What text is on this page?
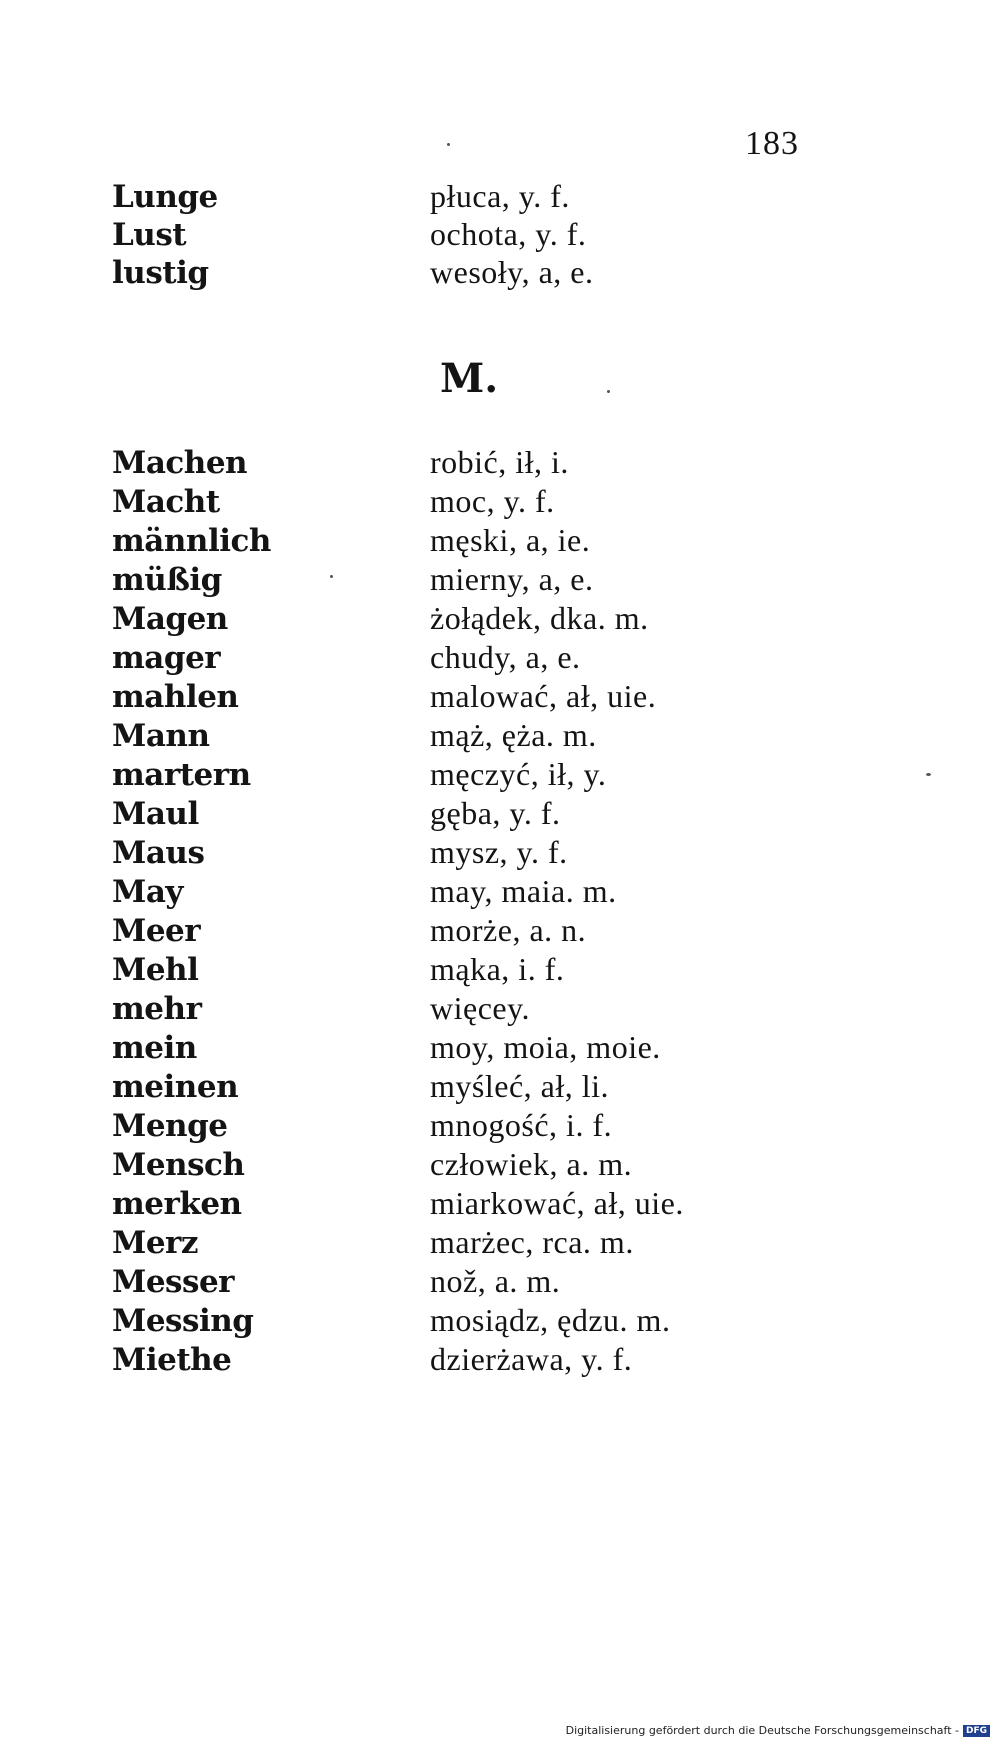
183
Lunge	płuca, y. f.
Lust	ochota, y. f.
lustig	wesoły, a, e.
M.
Machen	robić, ił, i.
Macht	moc, y. f.
männlich	męski, a, ie.
müßig	mierny, a, e.
Magen	żołądek, dka. m.
mager	chudy, a, e.
mahlen	malować, ał, uie.
Mann	mąż, ęża. m.
martern	męczyć, ił, y.
Maul	gęba, y. f.
Maus	mysz, y. f.
May	may, maia. m.
Meer	morże, a. n.
Mehl	mąka, i. f.
mehr	więcey.
mein	moy, moia, moie.
meinen	myśleć, ał, li.
Menge	mnogość, i. f.
Mensch	człowiek, a. m.
merken	miarkować, ał, uie.
Merz	marżec, rca. m.
Messer	nož, a. m.
Messing	mosiądz, ędzu. m.
Miethe	dzierżawa, y. f.
Digitalisierung gefördert durch die Deutsche Forschungsgemeinschaft - DFG
